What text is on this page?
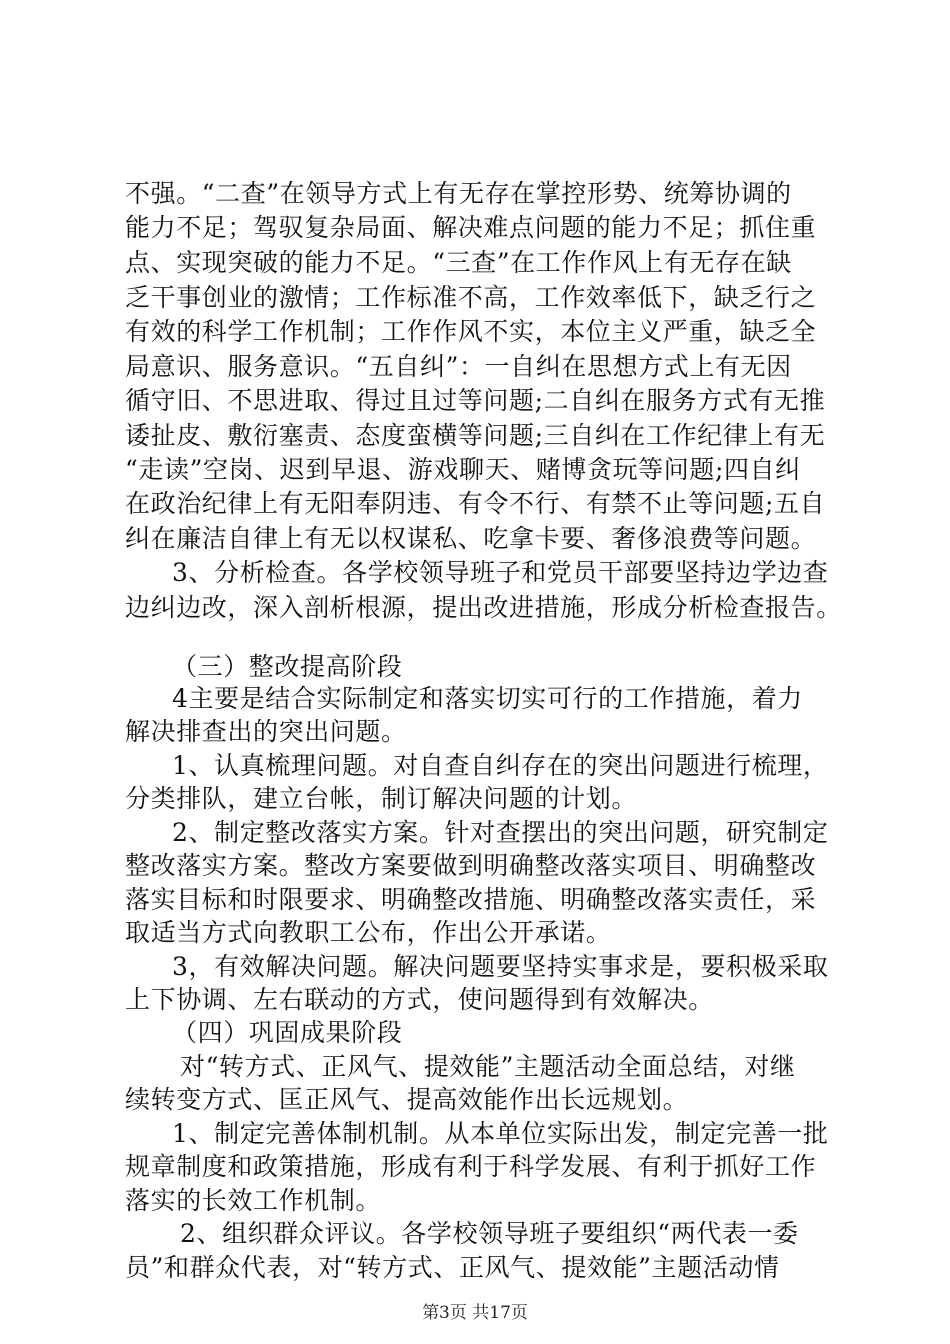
不强。“二查”在领导方式上有无存在掌控形势、统筹协调的
能力不足；驾驭复杂局面、解决难点问题的能力不足；抓住重
点、实现突破的能力不足。“三查”在工作作风上有无存在缺
乏干事创业的激情；工作标准不高，工作效率低下，缺乏行之
有效的科学工作机制；工作作风不实，本位主义严重，缺乏全
局意识、服务意识。“五自纠”：一自纠在思想方式上有无因
循守旧、不思进取、得过且过等问题;二自纠在服务方式有无推
诿扯皮、敷衍塞责、态度蛮横等问题;三自纠在工作纪律上有无
“走读”空岗、迟到早退、游戏聊天、赌博贪玩等问题;四自纠
在政治纪律上有无阳奉阴违、有令不行、有禁不止等问题;五自
纠在廉洁自律上有无以权谋私、吃拿卡要、奢侈浪费等问题。
3、分析检查。各学校领导班子和党员干部要坚持边学边查
边纠边改，深入剖析根源，提出改进措施，形成分析检查报告。
（三）整改提高阶段
4主要是结合实际制定和落实切实可行的工作措施，着力
解决排查出的突出问题。
1、认真梳理问题。对自查自纠存在的突出问题进行梳理，
分类排队，建立台帐，制订解决问题的计划。
2、制定整改落实方案。针对查摆出的突出问题，研究制定
整改落实方案。整改方案要做到明确整改落实项目、明确整改
落实目标和时限要求、明确整改措施、明确整改落实责任，采
取适当方式向教职工公布，作出公开承诺。
3，有效解决问题。解决问题要坚持实事求是，要积极采取
上下协调、左右联动的方式，使问题得到有效解决。
（四）巩固成果阶段
对“转方式、正风气、提效能”主题活动全面总结，对继
续转变方式、匡正风气、提高效能作出长远规划。
1、制定完善体制机制。从本单位实际出发，制定完善一批
规章制度和政策措施，形成有利于科学发展、有利于抓好工作
落实的长效工作机制。
2、组织群众评议。各学校领导班子要组织“两代表一委
员”和群众代表，对“转方式、正风气、提效能”主题活动情
第3页 共17页
